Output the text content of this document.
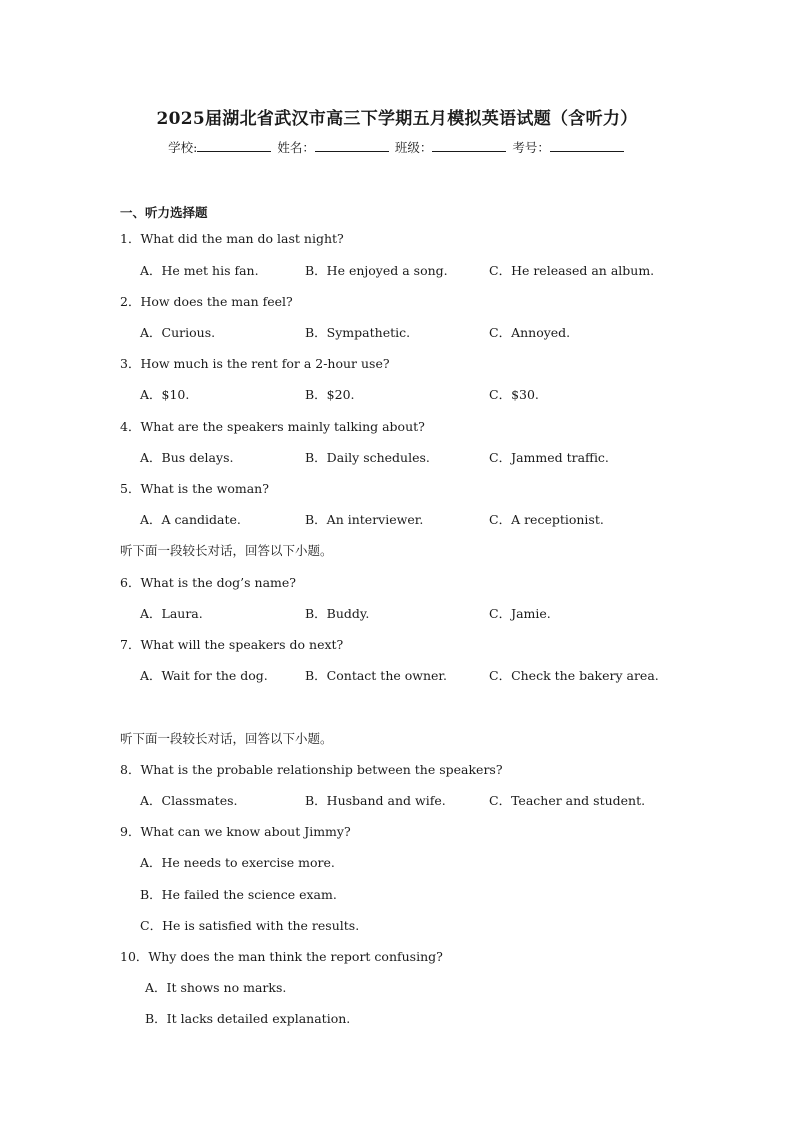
2025届湖北省武汉市高三下学期五月模拟英语试题（含听力）
学校:	姓名：	班级：	考号：
一、听力选择题
1．What did the man do last night?
A．He met his fan.	B．He enjoyed a song.	C．He released an album.
2．How does the man feel?
A．Curious.	B．Sympathetic.	C．Annoyed.
3．How much is the rent for a 2-hour use?
A．$10.	B．$20.	C．$30.
4．What are the speakers mainly talking about?
A．Bus delays.	B．Daily schedules.	C．Jammed traffic.
5．What is the woman?
A．A candidate.	B．An interviewer.	C．A receptionist.
听下面一段较长对话，回答以下小题。
6．What is the dog’s name?
A．Laura.	B．Buddy.	C．Jamie.
7．What will the speakers do next?
A．Wait for the dog.	B．Contact the owner.	C．Check the bakery area.
听下面一段较长对话，回答以下小题。
8．What is the probable relationship between the speakers?
A．Classmates.	B．Husband and wife.	C．Teacher and student.
9．What can we know about Jimmy?
A．He needs to exercise more.
B．He failed the science exam.
C．He is satisfied with the results.
10．Why does the man think the report confusing?
A．It shows no marks.
B．It lacks detailed explanation.
